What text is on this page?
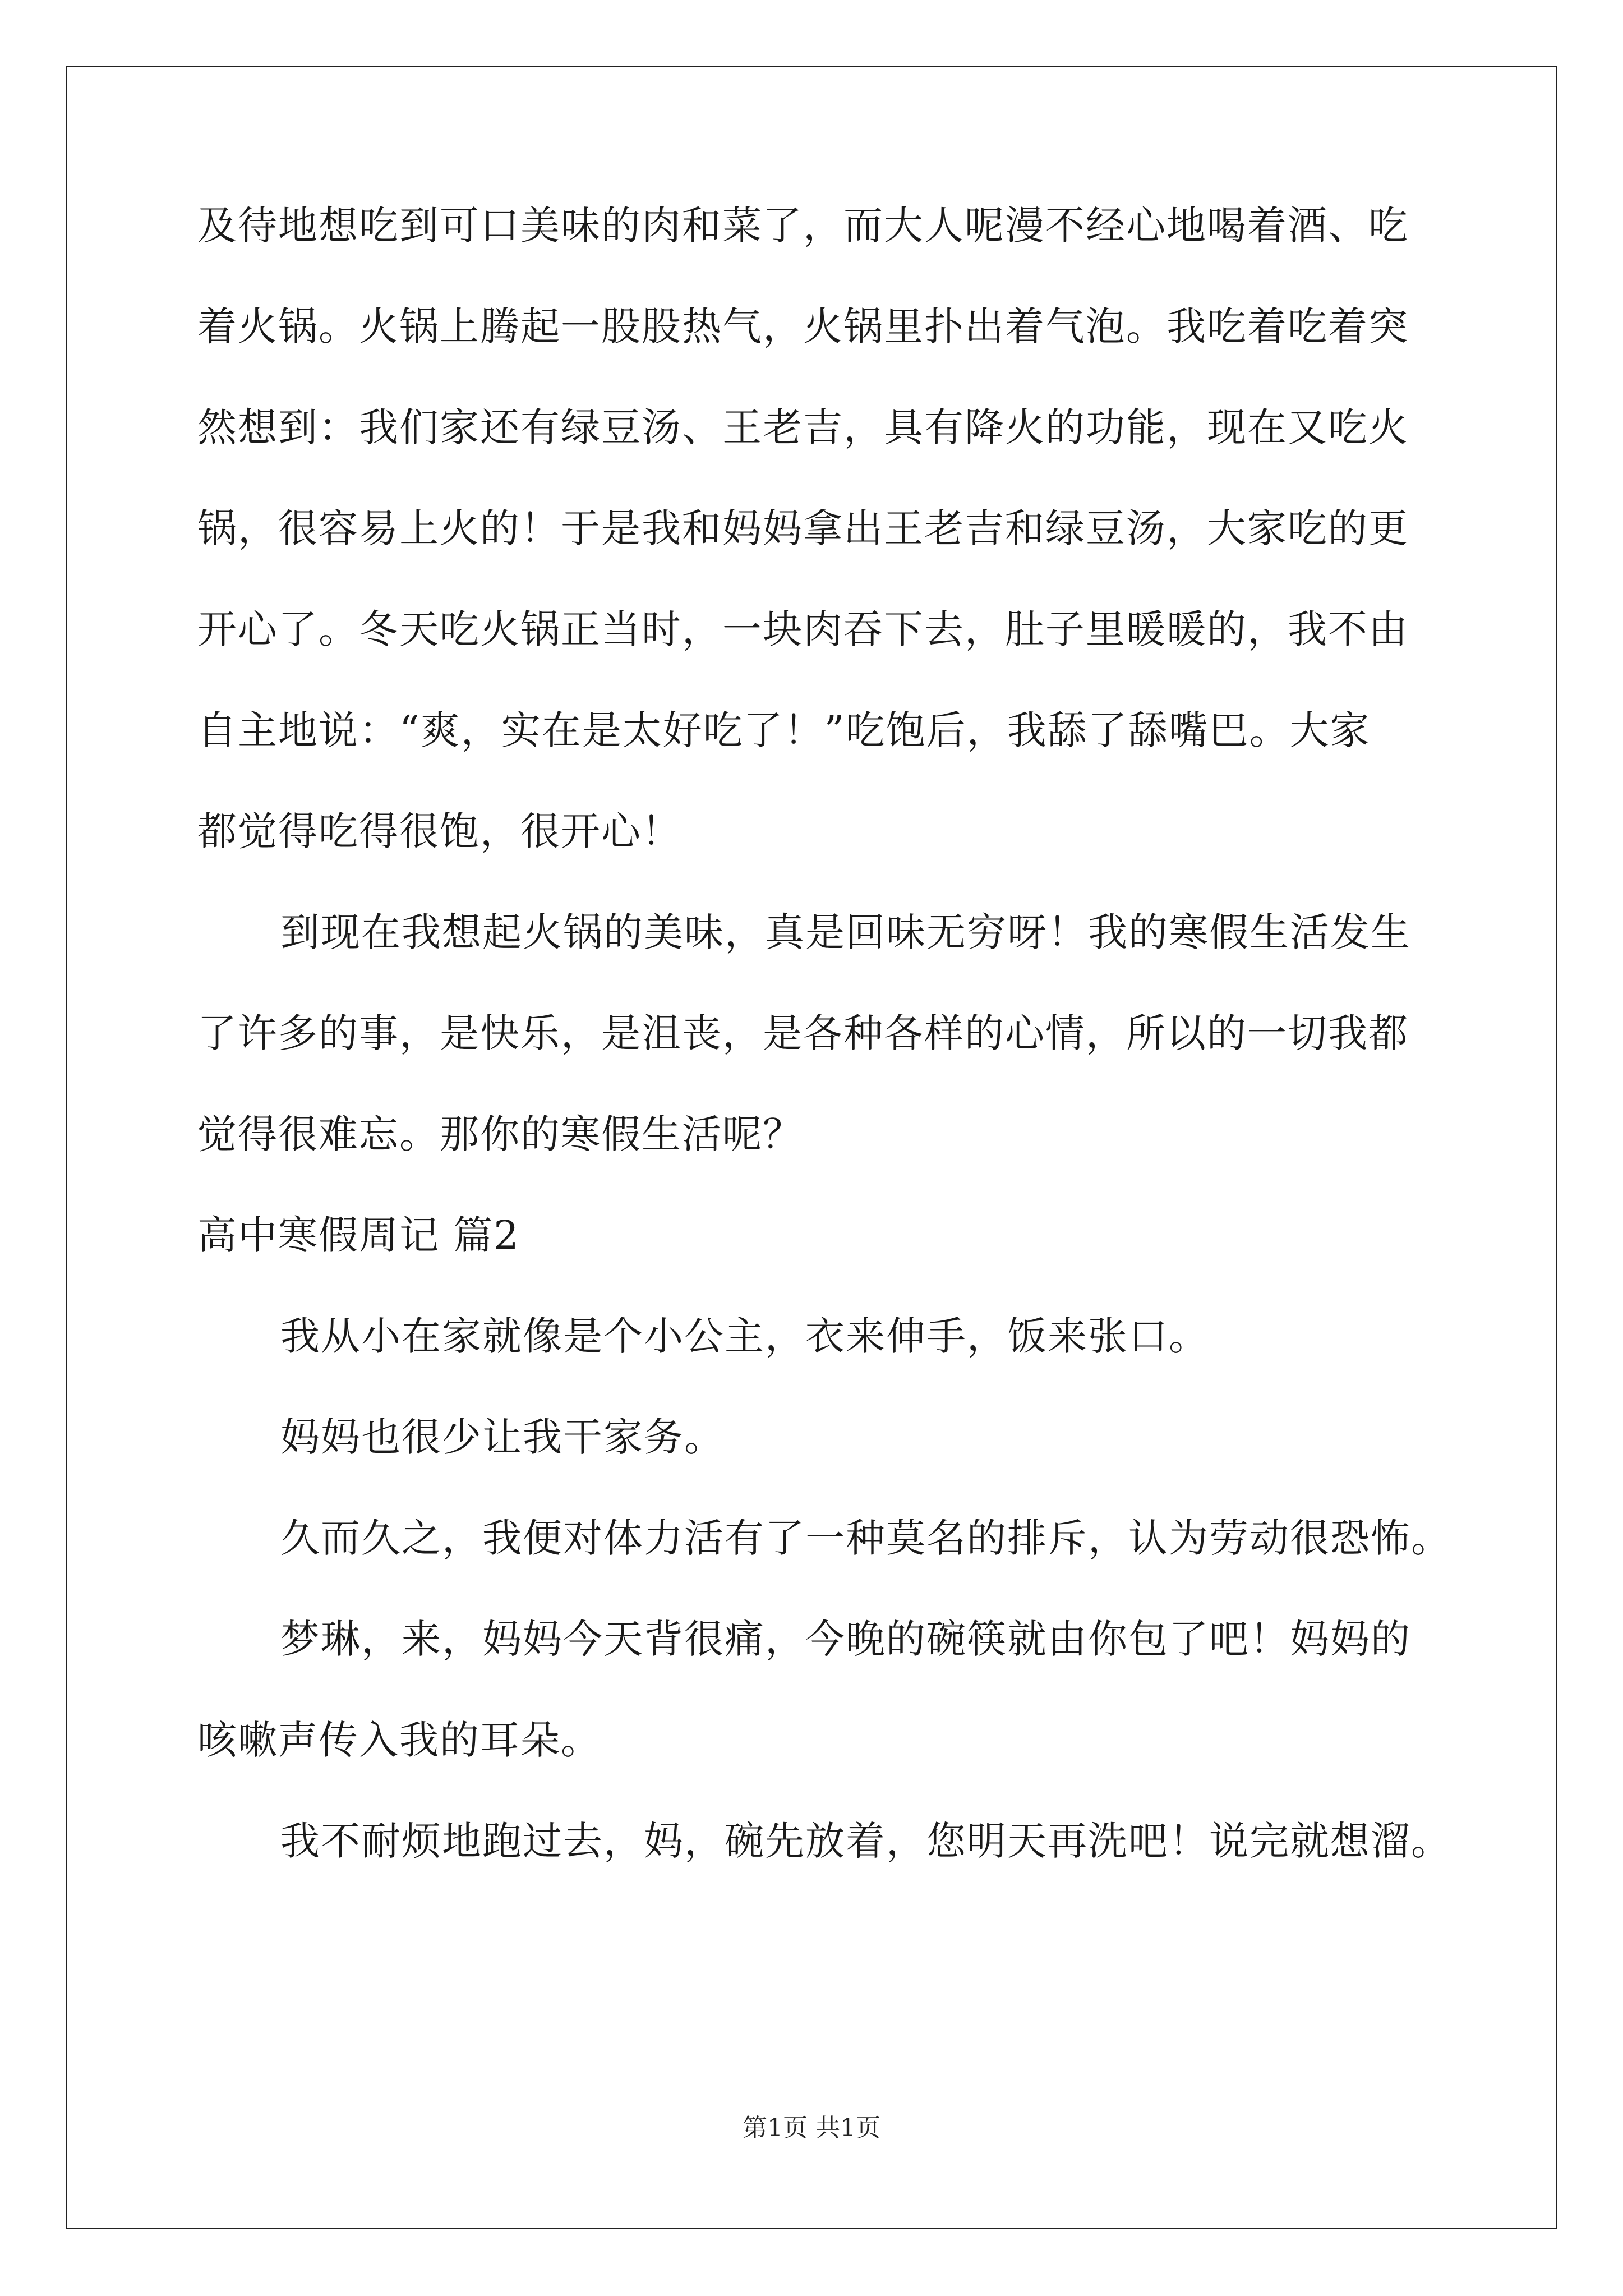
及待地想吃到可口美味的肉和菜了，而大人呢漫不经心地喝着酒、吃
着火锅。火锅上腾起一股股热气，火锅里扑出着气泡。我吃着吃着突
然想到：我们家还有绿豆汤、王老吉，具有降火的功能，现在又吃火
锅，很容易上火的！于是我和妈妈拿出王老吉和绿豆汤，大家吃的更
开心了。冬天吃火锅正当时，一块肉吞下去，肚子里暖暖的，我不由
自主地说：“爽，实在是太好吃了！”吃饱后，我舔了舔嘴巴。大家
都觉得吃得很饱，很开心！
到现在我想起火锅的美味，真是回味无穷呀！我的寒假生活发生
了许多的事，是快乐，是沮丧，是各种各样的心情，所以的一切我都
觉得很难忘。那你的寒假生活呢？
高中寒假周记 篇2
我从小在家就像是个小公主，衣来伸手，饭来张口。
妈妈也很少让我干家务。
久而久之，我便对体力活有了一种莫名的排斥，认为劳动很恐怖。
梦琳，来，妈妈今天背很痛，今晚的碗筷就由你包了吧！妈妈的
咳嗽声传入我的耳朵。
我不耐烦地跑过去，妈，碗先放着，您明天再洗吧！说完就想溜。
第1页 共1页
